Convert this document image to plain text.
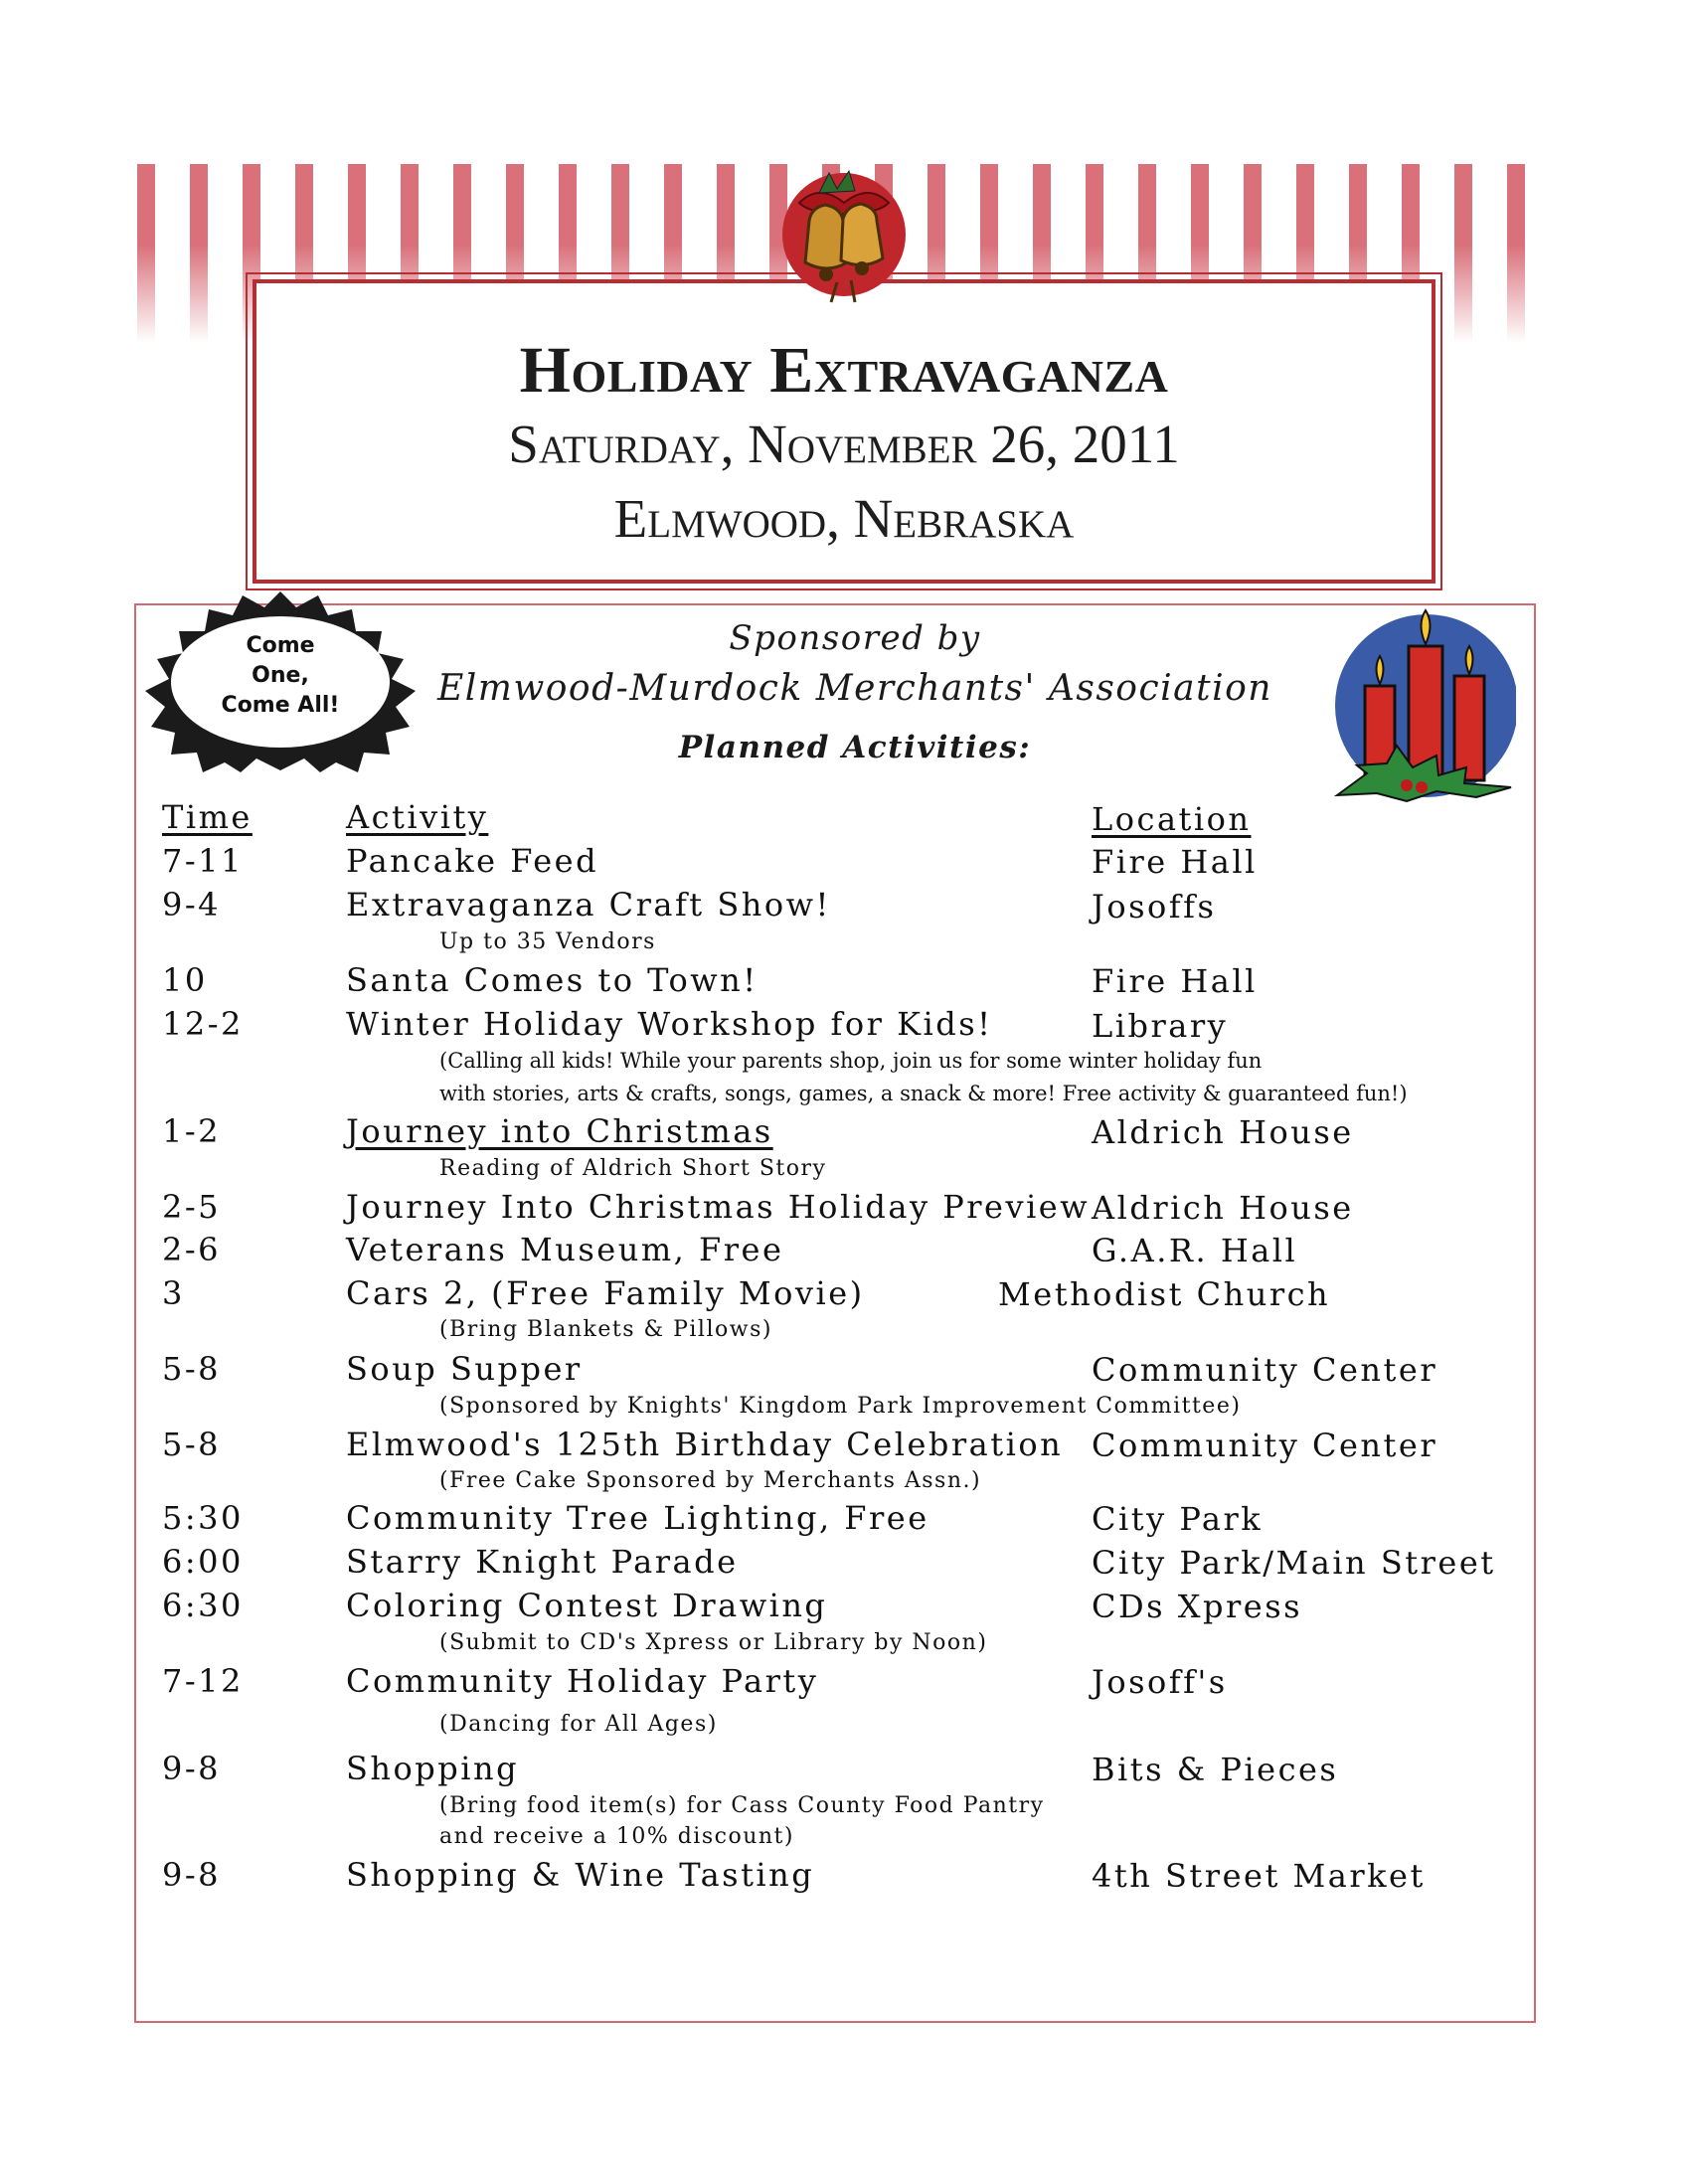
Holiday Extravaganza
Saturday, November 26, 2011
Elmwood, Nebraska
Come
One,
Come All!
Sponsored by
Elmwood-Murdock Merchants' Association
Planned Activities:
Time	Activity	Location
7-11	Pancake Feed	Fire Hall
9-4	Extravaganza Craft Show!	Josoffs
Up to 35 Vendors
10	Santa Comes to Town!	Fire Hall
12-2	Winter Holiday Workshop for Kids!	Library
(Calling all kids! While your parents shop, join us for some winter holiday fun
with stories, arts & crafts, songs, games, a snack & more! Free activity & guaranteed fun!)
1-2	Journey into Christmas	Aldrich House
Reading of Aldrich Short Story
2-5	Journey Into Christmas Holiday Preview Aldrich House
2-6	Veterans Museum, Free	G.A.R. Hall
3	Cars 2, (Free Family Movie)	Methodist Church
(Bring Blankets & Pillows)
5-8	Soup Supper	Community Center
(Sponsored by Knights' Kingdom Park Improvement Committee)
5-8	Elmwood's 125th Birthday Celebration Community Center
(Free Cake Sponsored by Merchants Assn.)
5:30	Community Tree Lighting, Free	City Park
6:00	Starry Knight Parade	City Park/Main Street
6:30	Coloring Contest Drawing	CDs Xpress
(Submit to CD's Xpress or Library by Noon)
7-12	Community Holiday Party	Josoff's
(Dancing for All Ages)
9-8	Shopping	Bits & Pieces
(Bring food item(s) for Cass County Food Pantry
and receive a 10% discount)
9-8	Shopping & Wine Tasting	4th Street Market
